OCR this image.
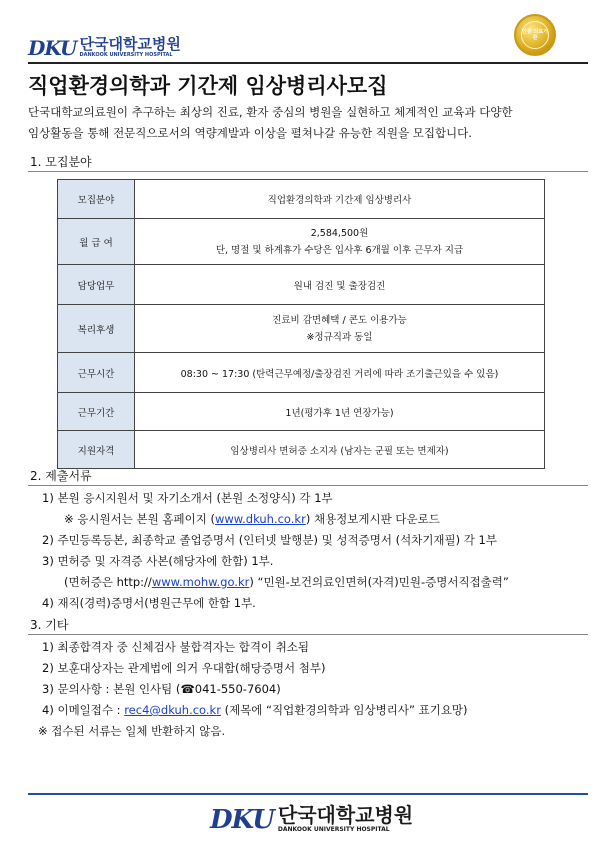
DKU 단국대학교병원
DANKOOK UNIVERSITY HOSPITAL
인증 의료기관
직업환경의학과 기간제 임상병리사모집
단국대학교의료원이 추구하는 최상의 진료, 환자 중심의 병원을 실현하고 체계적인 교육과 다양한
임상활동을 통해 전문직으로서의 역량계발과 이상을 펼쳐나갈 유능한 직원을 모집합니다.
1. 모집분야
모집분야	직업환경의학과 기간제 임상병리사

월 급 여	2,584,500원
단, 명절 및 하계휴가 수당은 입사후 6개월 이후 근무자 지급

담당업무	원내 검진 및 출장검진

복리후생	진료비 감면혜택 / 콘도 이용가능
※정규직과 동일

근무시간	08:30 ~ 17:30 (탄력근무예정/출장검진 거리에 따라 조기출근있을 수 있음)

근무기간	1년(평가후 1년 연장가능)

지원자격	임상병리사 면허증 소지자 (남자는 군필 또는 면제자)
2. 제출서류
1) 본원 응시지원서 및 자기소개서 (본원 소정양식) 각 1부
※ 응시원서는 본원 홈페이지 (www.dkuh.co.kr) 채용정보게시판 다운로드
2) 주민등록등본, 최종학교 졸업증명서 (인터넷 발행분) 및 성적증명서 (석차기재필) 각 1부
3) 면허증 및 자격증 사본(해당자에 한함) 1부.
(면허증은 http://www.mohw.go.kr) “민원-보건의료인면허(자격)민원-증명서직접출력”
4) 재직(경력)증명서(병원근무에 한함 1부.
3. 기타
1) 최종합격자 중 신체검사 불합격자는 합격이 취소됨
2) 보훈대상자는 관계법에 의거 우대함(해당증명서 첨부)
3) 문의사항 : 본원 인사팀 (☎041-550-7604)
4) 이메일접수 : rec4@dkuh.co.kr (제목에 “직업환경의학과 임상병리사” 표기요망)
※ 접수된 서류는 일체 반환하지 않음.
DKU 단국대학교병원
DANKOOK UNIVERSITY HOSPITAL
